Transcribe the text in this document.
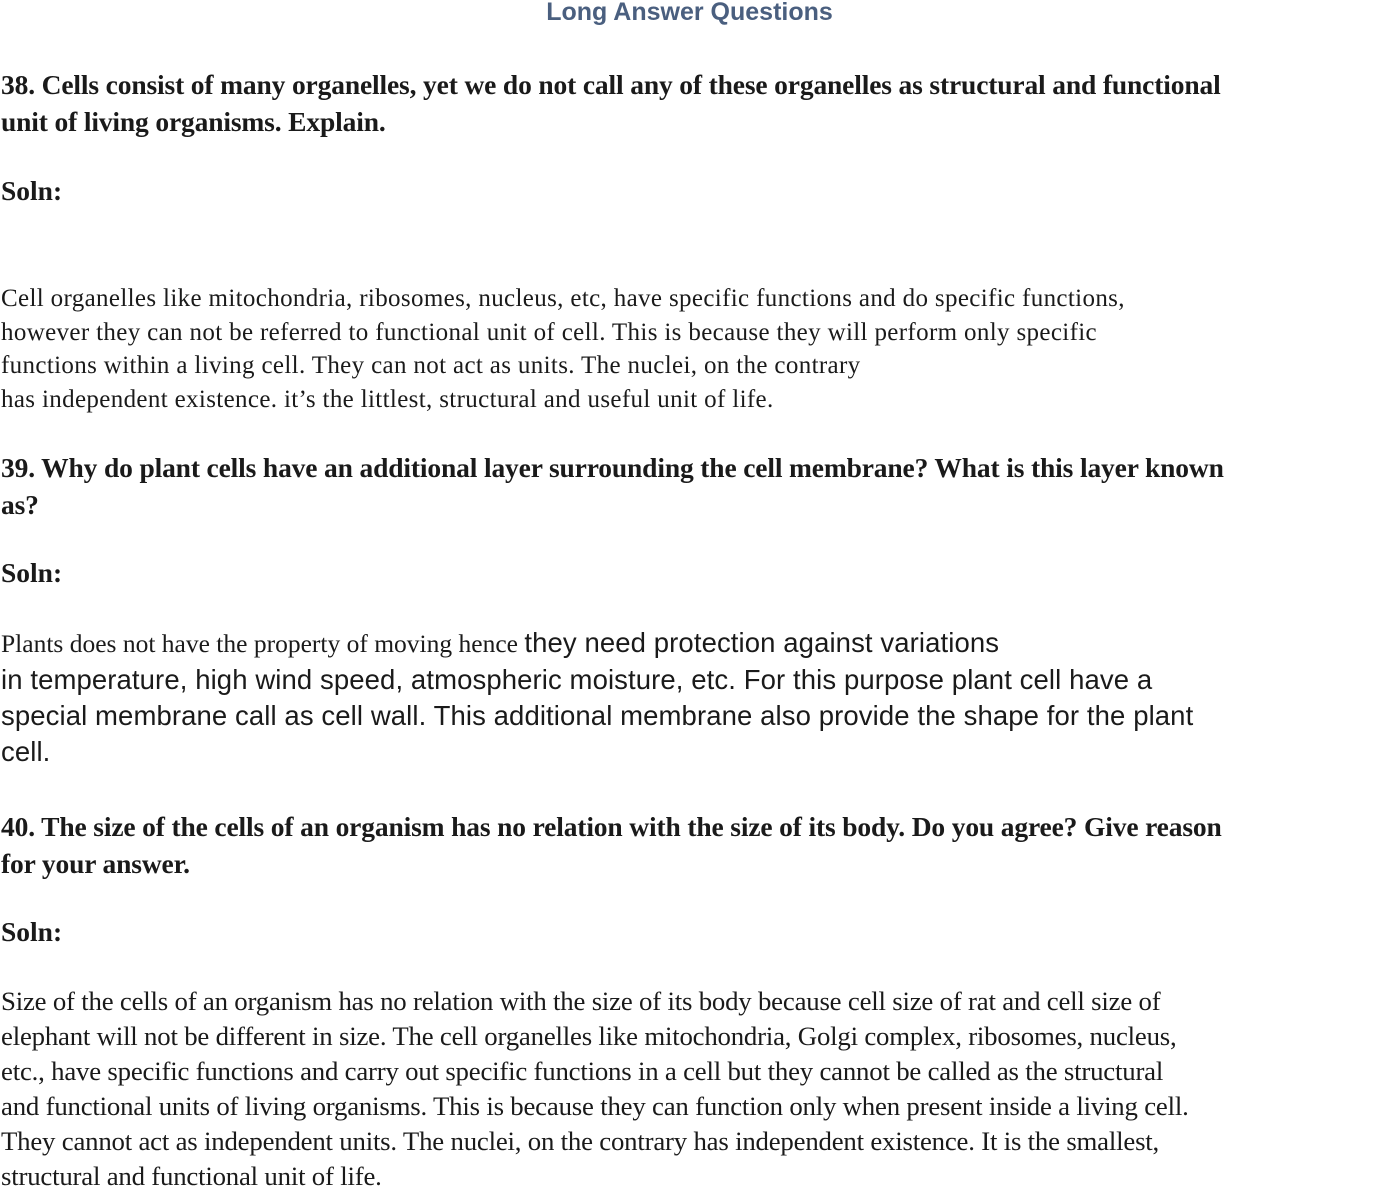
Long Answer Questions

38. Cells consist of many organelles, yet we do not call any of these organelles as structural and functional

unit of living organisms. Explain.

Soln:

Cell organelles like mitochondria, ribosomes, nucleus, etc, have specific functions and do specific functions,

however they can not be referred to functional unit of cell. This is because they will perform only specific

functions within a living cell. They can not act as units. The nuclei, on the contrary

has independent existence. it’s the littlest, structural and useful unit of life.

39. Why do plant cells have an additional layer surrounding the cell membrane? What is this layer known

as?

Soln:

Plants does not have the property of moving hence they need protection against variations

in temperature, high wind speed, atmospheric moisture, etc. For this purpose plant cell have a

special membrane call as cell wall. This additional membrane also provide the shape for the plant

cell.

40. The size of the cells of an organism has no relation with the size of its body. Do you agree? Give reason

for your answer.

Soln:

Size of the cells of an organism has no relation with the size of its body because cell size of rat and cell size of

elephant will not be different in size. The cell organelles like mitochondria, Golgi complex, ribosomes, nucleus,

etc., have specific functions and carry out specific functions in a cell but they cannot be called as the structural

and functional units of living organisms. This is because they can function only when present inside a living cell.

They cannot act as independent units. The nuclei, on the contrary has independent existence. It is the smallest,

structural and functional unit of life.
